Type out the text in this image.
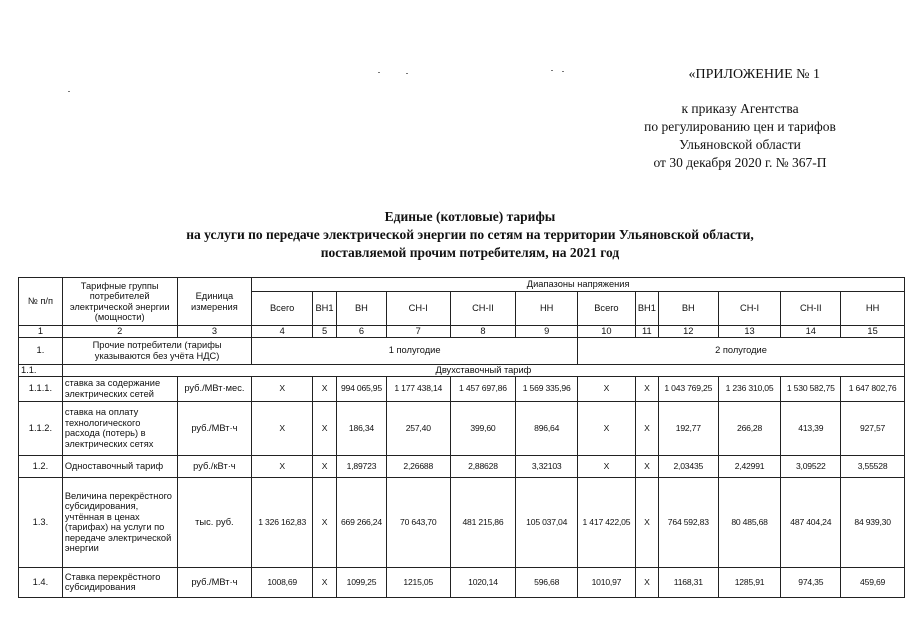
«ПРИЛОЖЕНИЕ № 1
к приказу Агентства
по регулированию цен и тарифов
Ульяновской области
от 30 декабря 2020 г. № 367-П
Единые (котловые) тарифы
на услуги по передаче электрической энергии по сетям на территории Ульяновской области,
поставляемой прочим потребителям, на 2021 год
№ п/п	Тарифные группы потребителей электрической энергии (мощности)	Единица измерения	Диапазоны напряжения											
			Всего	ВН1	ВН	СН-I	СН-II	НН	Всего	ВН1	ВН	СН-I	СН-II	НН
1	2	3	4	5	6	7	8	9	10	11	12	13	14	15
1.	Прочие потребители (тарифы указываются без учёта НДС)		1 полугодие						2 полугодие					
1.1.	Двухставочный тариф													
1.1.1.	ставка за содержание электрических сетей	руб./МВт·мес.	Х	Х	994 065,95	1 177 438,14	1 457 697,86	1 569 335,96	Х	Х	1 043 769,25	1 236 310,05	1 530 582,75	1 647 802,76
1.1.2.	ставка на оплату технологического расхода (потерь) в электрических сетях	руб./МВт·ч	Х	Х	186,34	257,40	399,60	896,64	Х	Х	192,77	266,28	413,39	927,57
1.2.	Одноставочный тариф	руб./кВт·ч	Х	Х	1,89723	2,26688	2,88628	3,32103	Х	Х	2,03435	2,42991	3,09522	3,55528
1.3.	Величина перекрёстного субсидирования, учтённая в ценах (тарифах) на услуги по передаче электрической энергии	тыс. руб.	1 326 162,83	Х	669 266,24	70 643,70	481 215,86	105 037,04	1 417 422,05	Х	764 592,83	80 485,68	487 404,24	84 939,30
1.4.	Ставка перекрёстного субсидирования	руб./МВт·ч	1008,69	Х	1099,25	1215,05	1020,14	596,68	1010,97	Х	1168,31	1285,91	974,35	459,69
